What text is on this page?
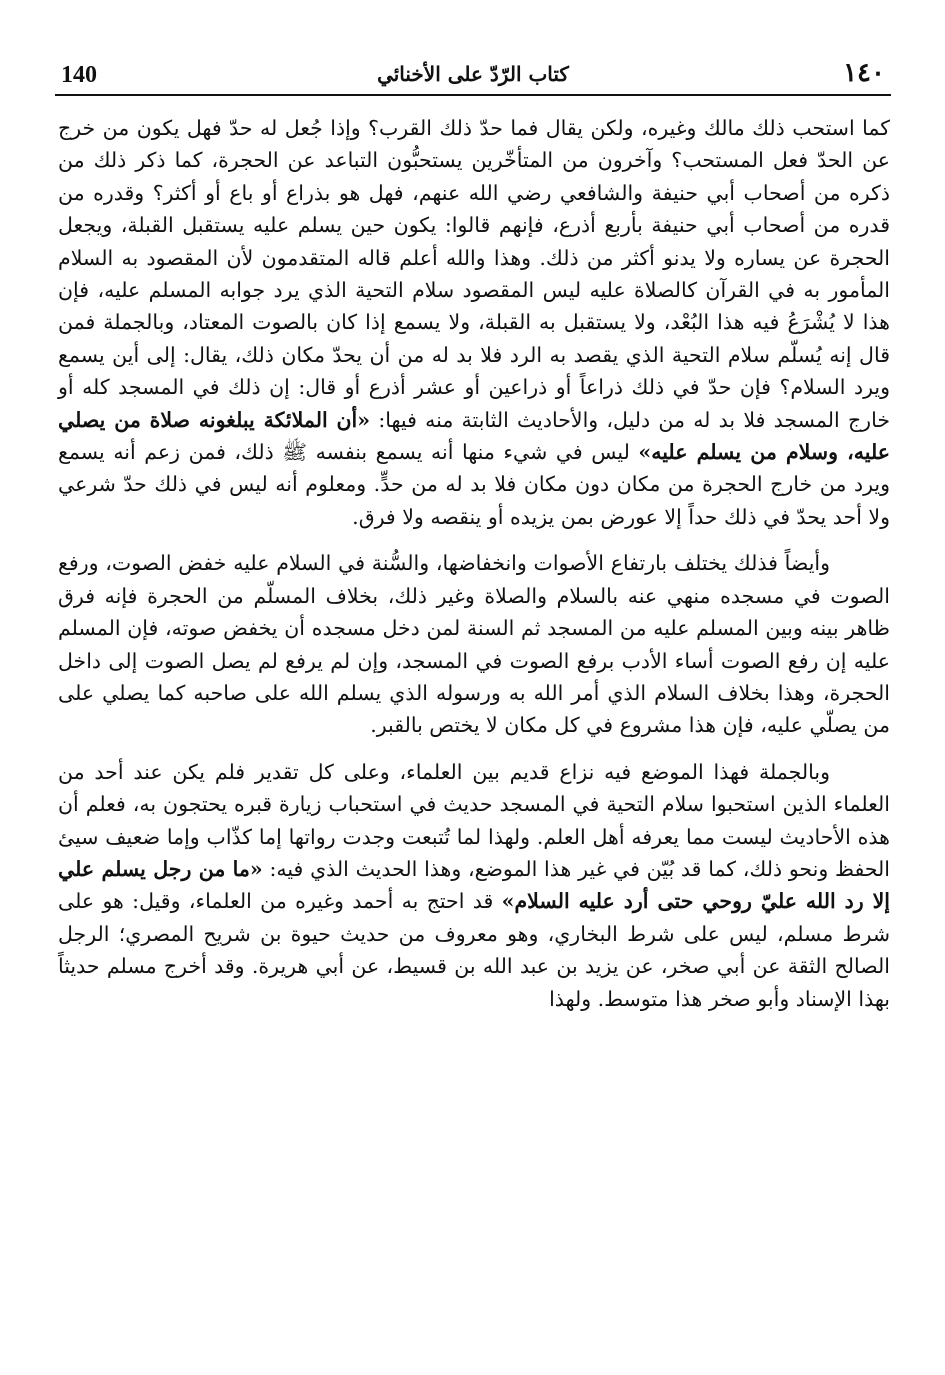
140	كتاب الرّدّ على الأخنائي	١٤٠

كما استحب ذلك مالك وغيره، ولكن يقال فما حدّ ذلك القرب؟ وإذا جُعل له حدّ فهل يكون من خرج عن الحدّ فعل المستحب؟ وآخرون من المتأخّرين يستحبُّون التباعد عن الحجرة، كما ذكر ذلك من ذكره من أصحاب أبي حنيفة والشافعي رضي الله عنهم، فهل هو بذراع أو باع أو أكثر؟ وقدره من قدره من أصحاب أبي حنيفة بأربع أذرع، فإنهم قالوا: يكون حين يسلم عليه يستقبل القبلة، ويجعل الحجرة عن يساره ولا يدنو أكثر من ذلك. وهذا والله أعلم قاله المتقدمون لأن المقصود به السلام المأمور به في القرآن كالصلاة عليه ليس المقصود سلام التحية الذي يرد جوابه المسلم عليه، فإن هذا لا يُشْرَعُ فيه هذا البُعْد، ولا يستقبل به القبلة، ولا يسمع إذا كان بالصوت المعتاد، وبالجملة فمن قال إنه يُسلّم سلام التحية الذي يقصد به الرد فلا بد له من أن يحدّ مكان ذلك، يقال: إلى أين يسمع ويرد السلام؟ فإن حدّ في ذلك ذراعاً أو ذراعين أو عشر أذرع أو قال: إن ذلك في المسجد كله أو خارج المسجد فلا بد له من دليل، والأحاديث الثابتة منه فيها: «أن الملائكة يبلغونه صلاة من يصلي عليه، وسلام من يسلم عليه» ليس في شيء منها أنه يسمع بنفسه ﷺ ذلك، فمن زعم أنه يسمع ويرد من خارج الحجرة من مكان دون مكان فلا بد له من حدٍّ. ومعلوم أنه ليس في ذلك حدّ شرعي ولا أحد يحدّ في ذلك حداً إلا عورض بمن يزيده أو ينقصه ولا فرق.

وأيضاً فذلك يختلف بارتفاع الأصوات وانخفاضها، والسُّنة في السلام عليه خفض الصوت، ورفع الصوت في مسجده منهي عنه بالسلام والصلاة وغير ذلك، بخلاف المسلّم من الحجرة فإنه فرق ظاهر بينه وبين المسلم عليه من المسجد ثم السنة لمن دخل مسجده أن يخفض صوته، فإن المسلم عليه إن رفع الصوت أساء الأدب برفع الصوت في المسجد، وإن لم يرفع لم يصل الصوت إلى داخل الحجرة، وهذا بخلاف السلام الذي أمر الله به ورسوله الذي يسلم الله على صاحبه كما يصلي على من يصلّي عليه، فإن هذا مشروع في كل مكان لا يختص بالقبر.

وبالجملة فهذا الموضع فيه نزاع قديم بين العلماء، وعلى كل تقدير فلم يكن عند أحد من العلماء الذين استحبوا سلام التحية في المسجد حديث في استحباب زيارة قبره يحتجون به، فعلم أن هذه الأحاديث ليست مما يعرفه أهل العلم. ولهذا لما تُتبعت وجدت رواتها إما كذّاب وإما ضعيف سيئ الحفظ ونحو ذلك، كما قد بُيّن في غير هذا الموضع، وهذا الحديث الذي فيه: «ما من رجل يسلم علي إلا رد الله عليّ روحي حتى أرد عليه السلام» قد احتج به أحمد وغيره من العلماء، وقيل: هو على شرط مسلم، ليس على شرط البخاري، وهو معروف من حديث حيوة بن شريح المصري؛ الرجل الصالح الثقة عن أبي صخر، عن يزيد بن عبد الله بن قسيط، عن أبي هريرة. وقد أخرج مسلم حديثاً بهذا الإسناد وأبو صخر هذا متوسط. ولهذا
